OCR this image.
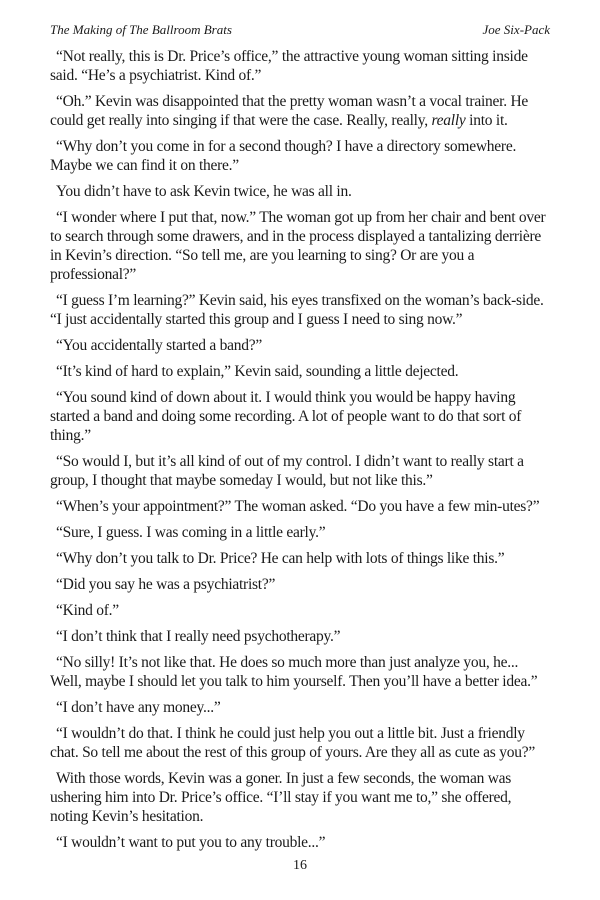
The Making of The Ballroom Brats	Joe Six-Pack

“Not really, this is Dr. Price’s office,” the attractive young woman sitting inside said. “He’s a psychiatrist. Kind of.”

“Oh.” Kevin was disappointed that the pretty woman wasn’t a vocal trainer. He could get really into singing if that were the case. Really, really, really into it.

“Why don’t you come in for a second though? I have a directory somewhere. Maybe we can find it on there.”

You didn’t have to ask Kevin twice, he was all in.

“I wonder where I put that, now.” The woman got up from her chair and bent over to search through some drawers, and in the process displayed a tantalizing derrière in Kevin’s direction. “So tell me, are you learning to sing? Or are you a professional?”

“I guess I’m learning?” Kevin said, his eyes transfixed on the woman’s back-side. “I just accidentally started this group and I guess I need to sing now.”

“You accidentally started a band?”

“It’s kind of hard to explain,” Kevin said, sounding a little dejected.

“You sound kind of down about it. I would think you would be happy having started a band and doing some recording. A lot of people want to do that sort of thing.”

“So would I, but it’s all kind of out of my control. I didn’t want to really start a group, I thought that maybe someday I would, but not like this.”

“When’s your appointment?” The woman asked. “Do you have a few min-utes?”

“Sure, I guess. I was coming in a little early.”

“Why don’t you talk to Dr. Price? He can help with lots of things like this.”

“Did you say he was a psychiatrist?”

“Kind of.”

“I don’t think that I really need psychotherapy.”

“No silly! It’s not like that. He does so much more than just analyze you, he... Well, maybe I should let you talk to him yourself. Then you’ll have a better idea.”

“I don’t have any money...”

“I wouldn’t do that. I think he could just help you out a little bit. Just a friendly chat. So tell me about the rest of this group of yours. Are they all as cute as you?”

With those words, Kevin was a goner. In just a few seconds, the woman was ushering him into Dr. Price’s office. “I’ll stay if you want me to,” she offered, noting Kevin’s hesitation.

“I wouldn’t want to put you to any trouble...”

16
